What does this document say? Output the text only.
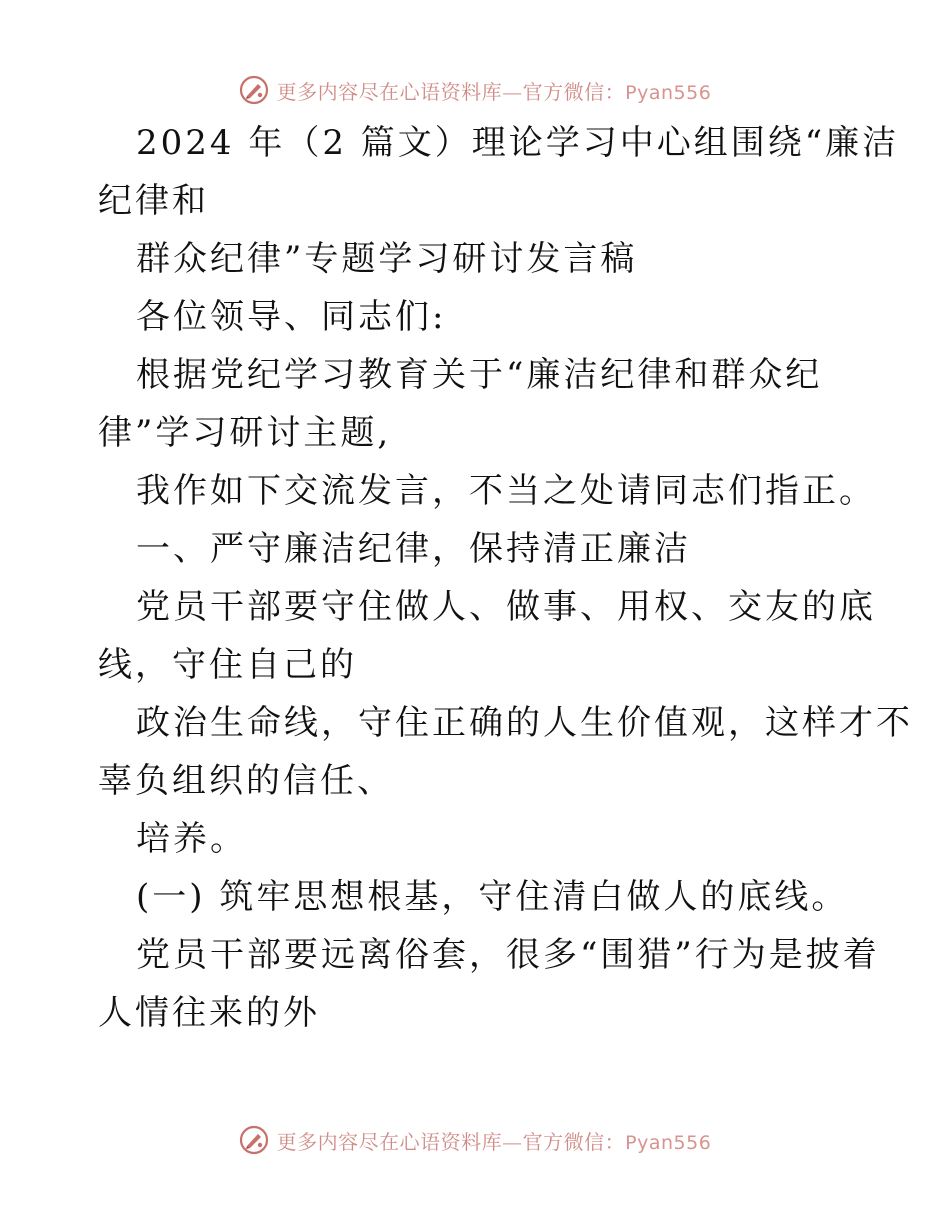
更多内容尽在心语资料库—官方微信：Pyan556

2024 年（2 篇文）理论学习中心组围绕“廉洁
纪律和

群众纪律”专题学习研讨发言稿

各位领导、同志们:

根据党纪学习教育关于“廉洁纪律和群众纪
律”学习研讨主题,

我作如下交流发言，不当之处请同志们指正。

一、严守廉洁纪律，保持清正廉洁

党员干部要守住做人、做事、用权、交友的底
线，守住自己的

政治生命线，守住正确的人生价值观，这样才不
辜负组织的信任、

培养。

(一) 筑牢思想根基，守住清白做人的底线。

党员干部要远离俗套，很多“围猎”行为是披着
人情往来的外

更多内容尽在心语资料库—官方微信：Pyan556
